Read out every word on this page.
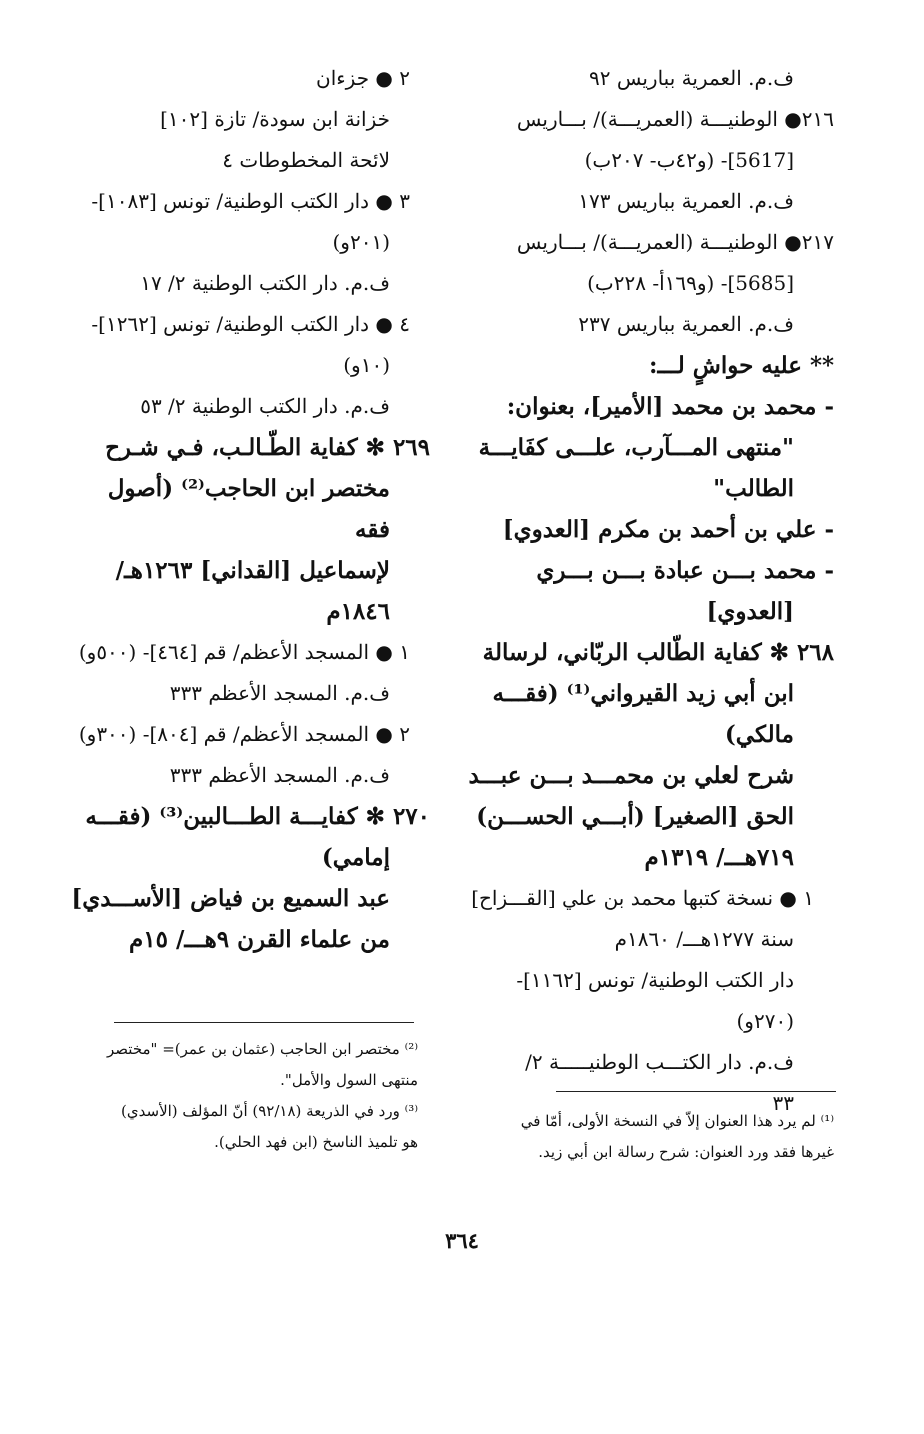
ف.م. العمرية بباريس ٩٢
٢١٦● الوطنيـــة (العمريـــة)/ بـــاريس
[5617]- (و٤٢ب- ٢٠٧ب)
ف.م. العمرية بباريس ١٧٣
٢١٧● الوطنيـــة (العمريـــة)/ بـــاريس
[5685]- (و١٦٩أ- ٢٢٨ب)
ف.م. العمرية بباريس ٢٣٧
** عليه حواشٍ لـــ:
- محمد بن محمد [الأمير]، بعنوان:
"منتهى المـــآرب، علـــى كفَايـــة
الطالب"
- علي بن أحمد بن مكرم [العدوي]
- محمد بـــن عبادة بـــن بـــري
[العدوي]
٢٦٨ ✻ كفاية الطّالب الربّاني، لرسالة
ابن أبي زيد القيرواني⁽¹⁾ (فقـــه
مالكي)
شرح لعلي بن محمـــد بـــن عبـــد
الحق [الصغير] (أبـــي الحســـن)
٧١٩هـــ/ ١٣١٩م
١ ● نسخة كتبها محمد بن علي [القـــزاح]
سنة ١٢٧٧هـــ/ ١٨٦٠م
دار الكتب الوطنية/ تونس [١١٦٢]-
(٢٧٠و)
ف.م. دار الكتـــب الوطنيـــــة ٢/
٣٣
٢ ● جزءان
خزانة ابن سودة/ تازة [١٠٢]
لائحة المخطوطات ٤
٣ ● دار الكتب الوطنية/ تونس [١٠٨٣]-
(٢٠١و)
ف.م. دار الكتب الوطنية ٢/ ١٧
٤ ● دار الكتب الوطنية/ تونس [١٢٦٢]-
(١٠و)
ف.م. دار الكتب الوطنية ٢/ ٥٣
٢٦٩ ✻ كفاية الطّـالـب، فـي شـرح
مختصر ابن الحاجب⁽²⁾ (أصول
فقه
لإسماعيل [القداني] ١٢٦٣هـ/
١٨٤٦م
١ ● المسجد الأعظم/ قم [٤٦٤]- (٥٠٠و)
ف.م. المسجد الأعظم ٣٣٣
٢ ● المسجد الأعظم/ قم [٨٠٤]- (٣٠٠و)
ف.م. المسجد الأعظم ٣٣٣
٢٧٠ ✻ كفايـــة الطـــالبين⁽³⁾ (فقـــه
إمامي)
عبد السميع بن فياض [الأســـدي]
من علماء القرن ٩هـــ/ ١٥م
⁽²⁾ مختصر ابن الحاجب (عثمان بن عمر)= "مختصر
منتهى السول والأمل".
⁽³⁾ ورد في الذريعة (٩٢/١٨) أنّ المؤلف (الأسدي)
هو تلميذ الناسخ (ابن فهد الحلي).
⁽¹⁾ لم يرد هذا العنوان إلاّ في النسخة الأولى، أمّا في
غيرها فقد ورد العنوان: شرح رسالة ابن أبي زيد.
٣٦٤
